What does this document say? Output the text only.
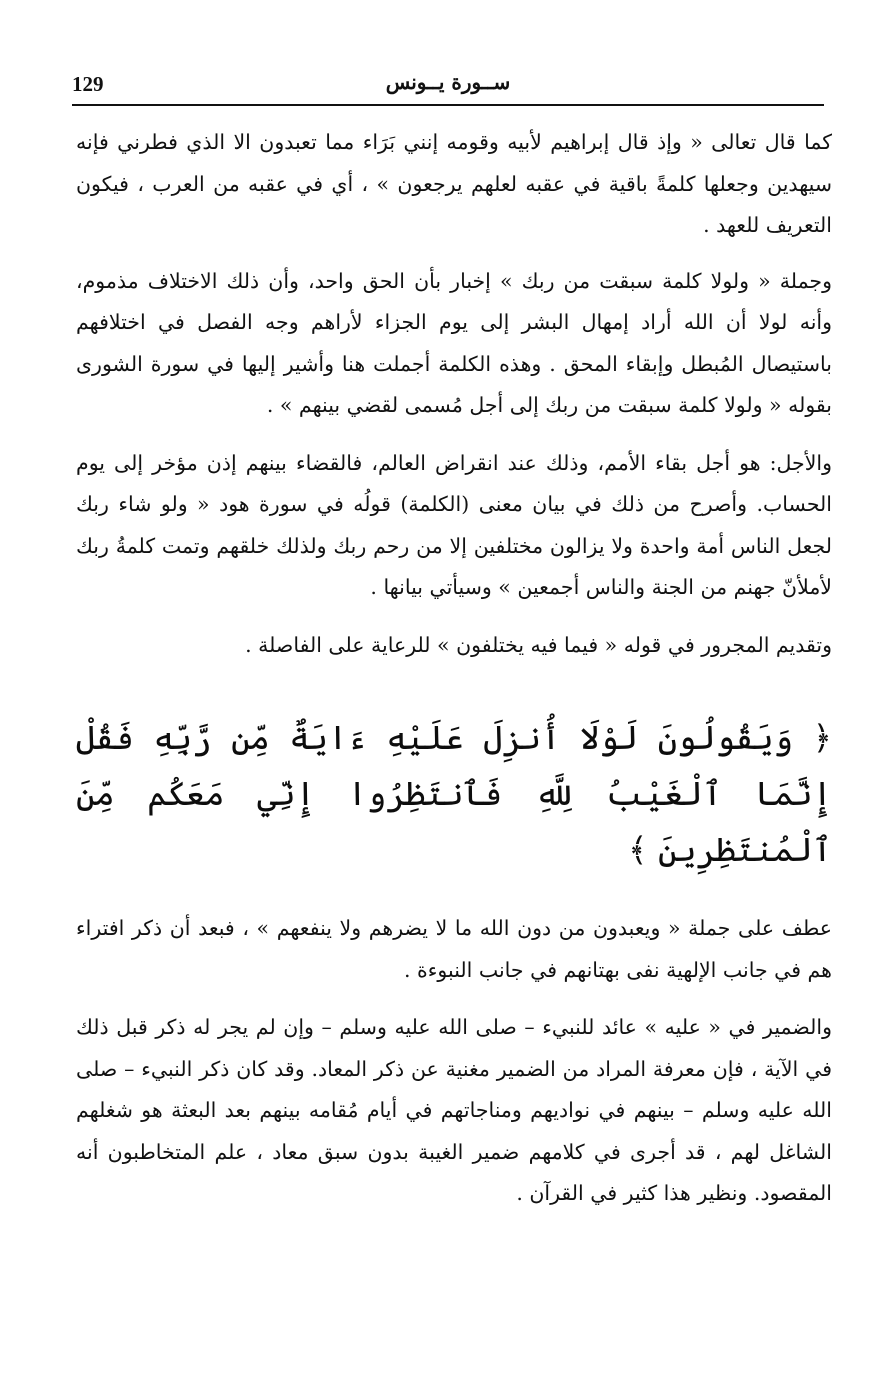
129	ســورة يــونس

كما قال تعالى « وإذ قال إبراهيم لأبيه وقومه إنني بَرَاء مما تعبدون الا الذي فطرني فإنه سيهدين وجعلها كلمةً باقية في عقبه لعلهم يرجعون » ، أي في عقبه من العرب ، فيكون التعريف للعهد .

وجملة « ولولا كلمة سبقت من ربك » إخبار بأن الحق واحد، وأن ذلك الاختلاف مذموم، وأنه لولا أن الله أراد إمهال البشر إلى يوم الجزاء لأراهم وجه الفصل في اختلافهم باستيصال المُبطل وإبقاء المحق . وهذه الكلمة أجملت هنا وأشير إليها في سورة الشورى بقوله « ولولا كلمة سبقت من ربك إلى أجل مُسمى لقضي بينهم » .

والأجل: هو أجل بقاء الأمم، وذلك عند انقراض العالم، فالقضاء بينهم إذن مؤخر إلى يوم الحساب. وأصرح من ذلك في بيان معنى (الكلمة) قولُه في سورة هود « ولو شاء ربك لجعل الناس أمة واحدة ولا يزالون مختلفين إلا من رحم ربك ولذلك خلقهم وتمت كلمةُ ربك لأملأنّ جهنم من الجنة والناس أجمعين » وسيأتي بيانها .

وتقديم المجرور في قوله « فيما فيه يختلفون » للرعاية على الفاصلة .

﴿ وَيَقُولُونَ لَوْلَا أُنزِلَ عَلَيْهِ ءَايَةٌ مِّن رَّبِّهِ فَقُلْ إِنَّمَا ٱلْغَيْبُ لِلَّهِ فَٱنتَظِرُوا إِنِّي مَعَكُم مِّنَ ٱلْمُنتَظِرِينَ ﴾

عطف على جملة « ويعبدون من دون الله ما لا يضرهم ولا ينفعهم » ، فبعد أن ذكر افتراء هم في جانب الإلهية نفى بهتانهم في جانب النبوءة .

والضمير في « عليه » عائد للنبيء – صلى الله عليه وسلم – وإن لم يجر له ذكر قبل ذلك في الآية ، فإن معرفة المراد من الضمير مغنية عن ذكر المعاد. وقد كان ذكر النبيء – صلى الله عليه وسلم – بينهم في نواديهم ومناجاتهم في أيام مُقامه بينهم بعد البعثة هو شغلهم الشاغل لهم ، قد أجرى في كلامهم ضمير الغيبة بدون سبق معاد ، علم المتخاطبون أنه المقصود. ونظير هذا كثير في القرآن .
